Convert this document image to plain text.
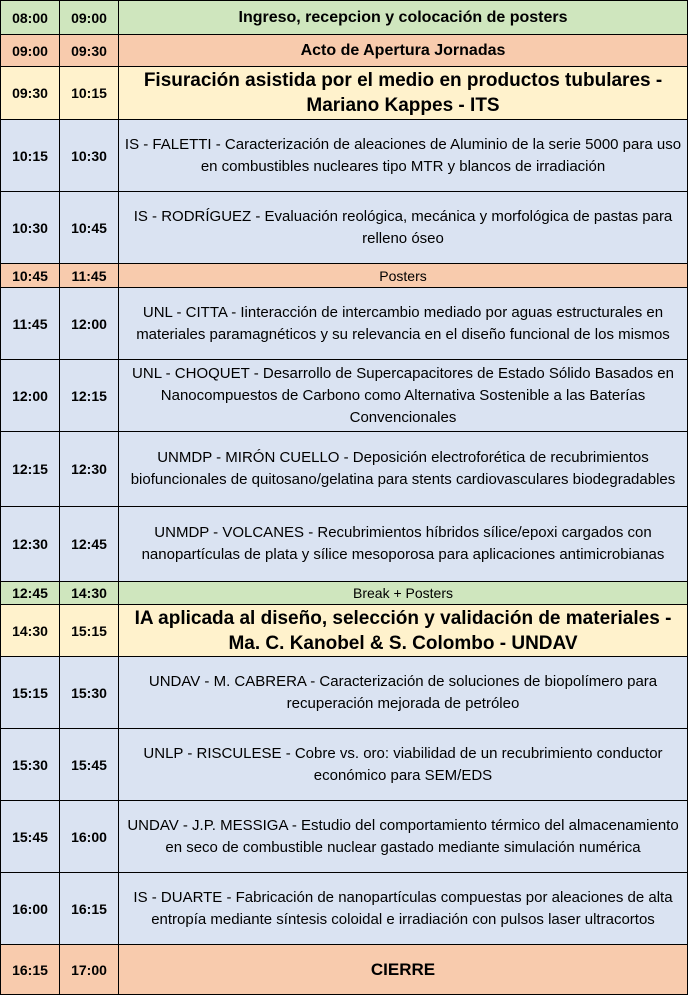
08:00	09:00	Ingreso, recepcion y colocación de posters
09:00	09:30	Acto de Apertura Jornadas
09:30	10:15	Fisuración asistida por el medio en productos tubulares - Mariano Kappes - ITS
10:15	10:30	IS - FALETTI - Caracterización de aleaciones de Aluminio de la serie 5000 para uso en combustibles nucleares tipo MTR y blancos de irradiación
10:30	10:45	IS - RODRÍGUEZ - Evaluación reológica, mecánica y morfológica de pastas para relleno óseo
10:45	11:45	Posters
11:45	12:00	UNL - CITTA - Iinteracción de intercambio mediado por aguas estructurales en materiales paramagnéticos y su relevancia en el diseño funcional de los mismos
12:00	12:15	UNL - CHOQUET - Desarrollo de Supercapacitores de Estado Sólido Basados en Nanocompuestos de Carbono como Alternativa Sostenible a las Baterías Convencionales
12:15	12:30	UNMDP - MIRÓN CUELLO - Deposición electroforética de recubrimientos biofuncionales de quitosano/gelatina para stents cardiovasculares biodegradables
12:30	12:45	UNMDP - VOLCANES - Recubrimientos híbridos sílice/epoxi cargados con nanopartículas de plata y sílice mesoporosa para aplicaciones antimicrobianas
12:45	14:30	Break + Posters
14:30	15:15	IA aplicada al diseño, selección y validación de materiales - Ma. C. Kanobel & S. Colombo - UNDAV
15:15	15:30	UNDAV - M. CABRERA - Caracterización de soluciones de biopolímero para recuperación mejorada de petróleo
15:30	15:45	UNLP - RISCULESE - Cobre vs. oro: viabilidad de un recubrimiento conductor económico para SEM/EDS
15:45	16:00	UNDAV - J.P. MESSIGA - Estudio del comportamiento térmico del almacenamiento en seco de combustible nuclear gastado mediante simulación numérica
16:00	16:15	IS - DUARTE - Fabricación de nanopartículas compuestas por aleaciones de alta entropía mediante síntesis coloidal e irradiación con pulsos laser ultracortos
16:15	17:00	CIERRE
